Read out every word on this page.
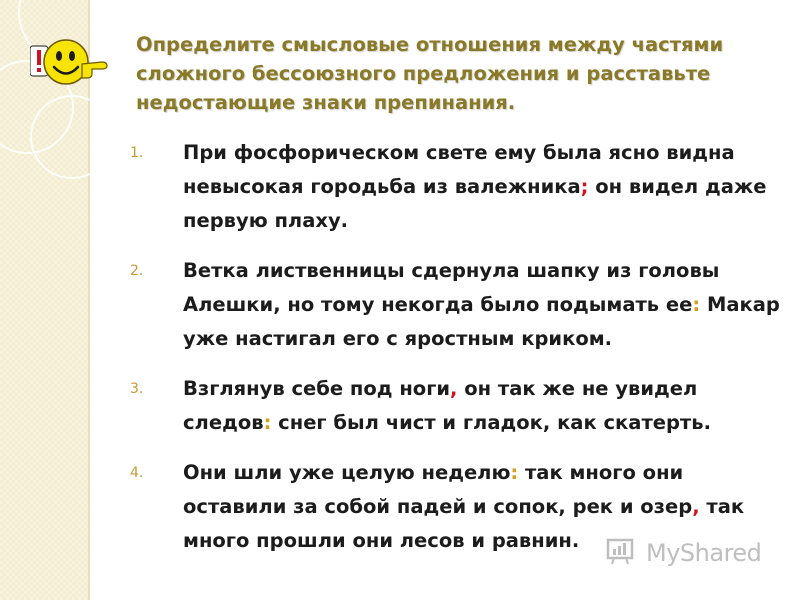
Определите смысловые отношения между частями сложного бессоюзного предложения и расставьте недостающие знаки препинания.
1. При фосфорическом свете ему была ясно видна невысокая городьба из валежника; он видел даже первую плаху.
2. Ветка лиственницы сдернула шапку из головы Алешки, но тому некогда было подымать ее: Макар уже настигал его с яростным криком.
3. Взглянув себе под ноги, он так же не увидел следов: снег был чист и гладок, как скатерть.
4. Они шли уже целую неделю: так много они оставили за собой падей и сопок, рек и озер, так много прошли они лесов и равнин.	MyShared
